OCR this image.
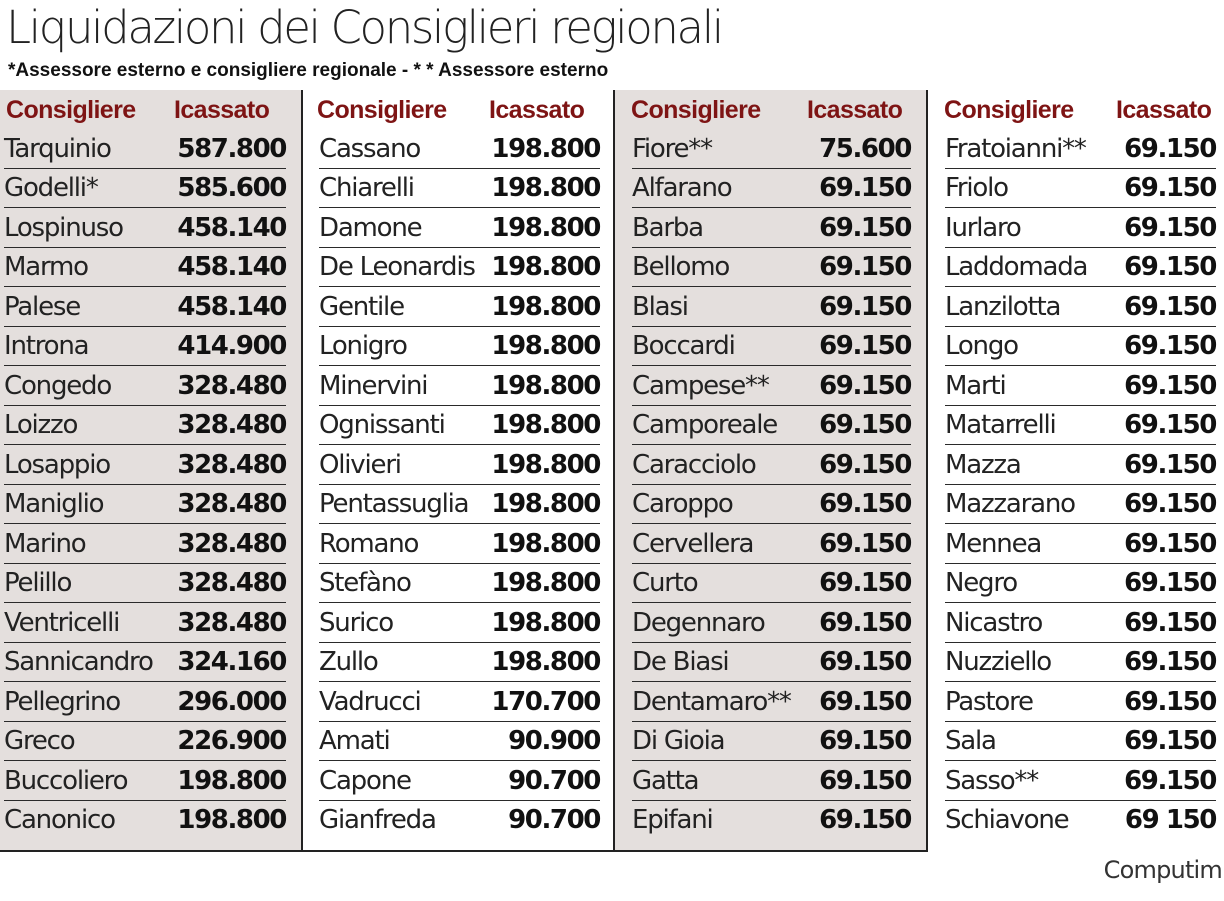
Liquidazioni dei Consiglieri regionali
*Assessore esterno e consigliere regionale - * * Assessore esterno
Consigliere Icassato
Tarquinio	587.800
Godelli*	585.600
Lospinuso 458.140
Marmo	458.140
Palese	458.140
Introna	414.900
Congedo	328.480
Loizzo	328.480
Losappio	328.480
Maniglio	328.480
Marino	328.480
Pelillo	328.480
Ventricelli 328.480
Sannicandro 324.160
Pellegrino 296.000
Greco	226.900
Buccoliero 198.800
Canonico 198.800
Consigliere Icassato
Cassano	198.800
Chiarelli	198.800
Damone	198.800
De Leonardis 198.800
Gentile	198.800
Lonigro	198.800
Minervini 198.800
Ognissanti 198.800
Olivieri	198.800
Pentassuglia 198.800
Romano	198.800
Stefàno	198.800
Surico	198.800
Zullo	198.800
Vadrucci	170.700
Amati	90.900
Capone	90.700
Gianfreda	90.700
Consigliere Icassato
Fiore**	75.600
Alfarano	69.150
Barba	69.150
Bellomo	69.150
Blasi	69.150
Boccardi	69.150
Campese** 69.150
Camporeale 69.150
Caracciolo 69.150
Caroppo	69.150
Cervellera	69.150
Curto	69.150
Degennaro 69.150
De Biasi	69.150
Dentamaro** 69.150
Di Gioia	69.150
Gatta	69.150
Epifani	69.150
Consigliere Icassato
Fratoianni** 69.150
Friolo	69.150
Iurlaro	69.150
Laddomada 69.150
Lanzilotta 69.150
Longo	69.150
Marti	69.150
Matarrelli	69.150
Mazza	69.150
Mazzarano 69.150
Mennea	69.150
Negro	69.150
Nicastro	69.150
Nuzziello	69.150
Pastore	69.150
Sala	69.150
Sasso**	69.150
Schiavone 69 150
Computim
